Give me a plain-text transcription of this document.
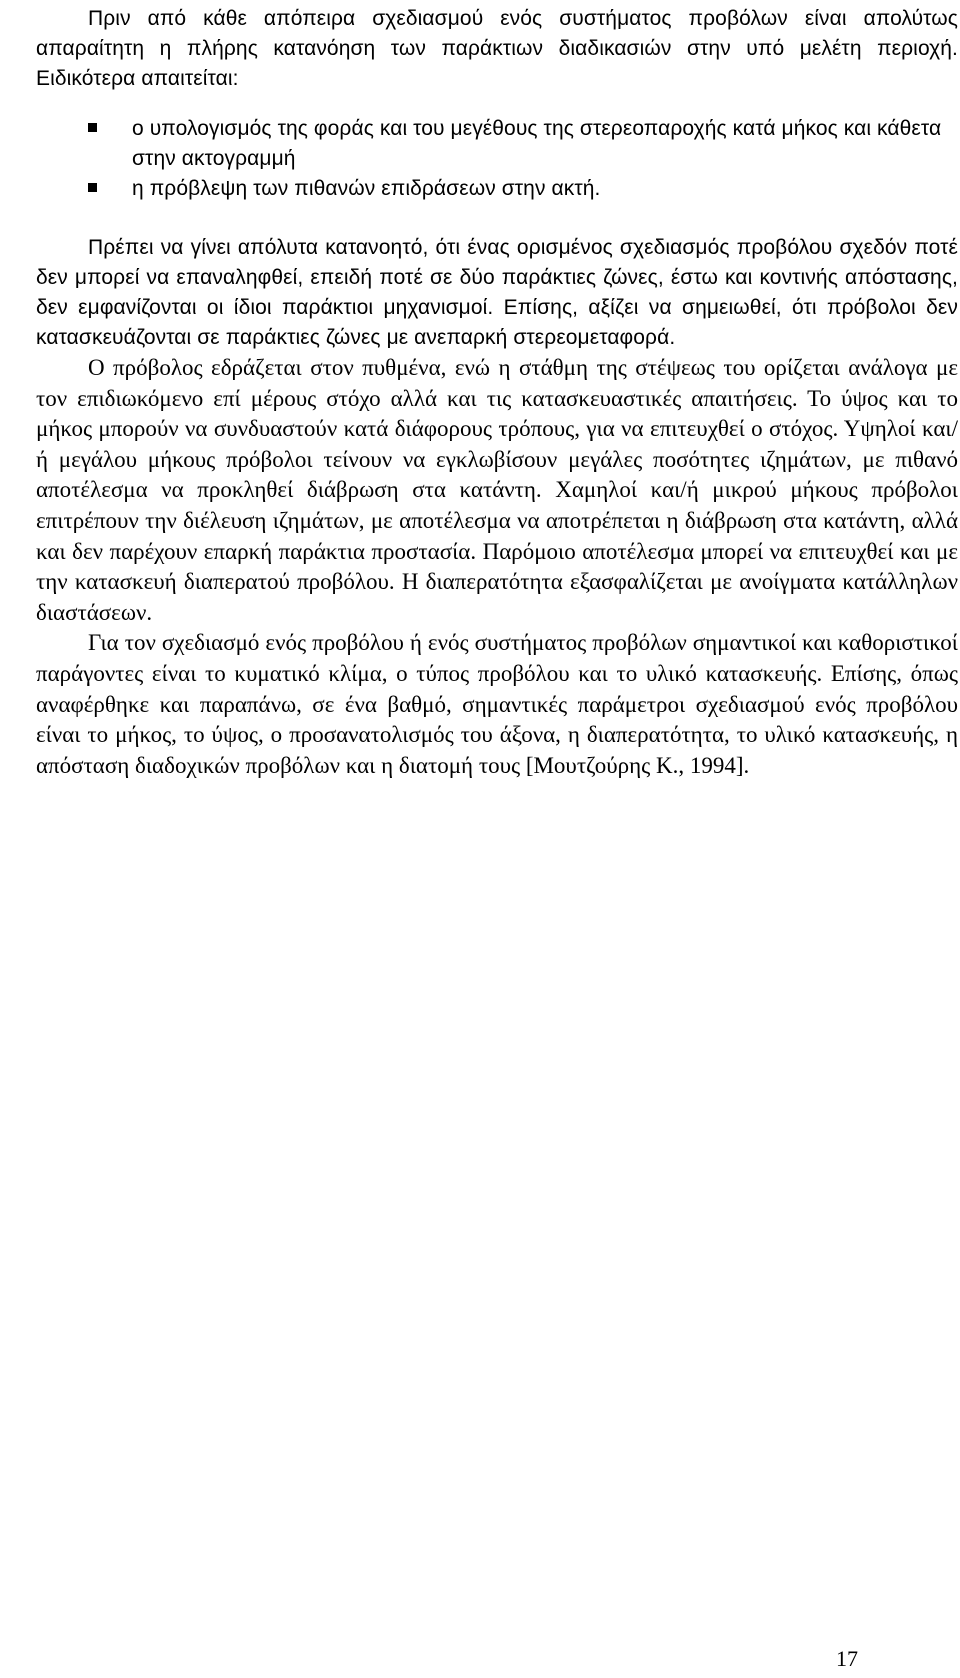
Πριν από κάθε απόπειρα σχεδιασμού ενός συστήματος προβόλων είναι απολύτως απαραίτητη η πλήρης κατανόηση των παράκτιων διαδικασιών στην υπό μελέτη περιοχή. Ειδικότερα απαιτείται:

ο υπολογισμός της φοράς και του μεγέθους της στερεοπαροχής κατά μήκος και κάθετα στην ακτογραμμή
η πρόβλεψη των πιθανών επιδράσεων στην ακτή.

Πρέπει να γίνει απόλυτα κατανοητό, ότι ένας ορισμένος σχεδιασμός προβόλου σχεδόν ποτέ δεν μπορεί να επαναληφθεί, επειδή ποτέ σε δύο παράκτιες ζώνες, έστω και κοντινής απόστασης, δεν εμφανίζονται οι ίδιοι παράκτιοι μηχανισμοί. Επίσης, αξίζει να σημειωθεί, ότι πρόβολοι δεν κατασκευάζονται σε παράκτιες ζώνες με ανεπαρκή στερεομεταφορά.

Ο πρόβολος εδράζεται στον πυθμένα, ενώ η στάθμη της στέψεως του ορίζεται ανάλογα με τον επιδιωκόμενο επί μέρους στόχο αλλά και τις κατασκευαστικές απαιτήσεις. Το ύψος και το μήκος μπορούν να συνδυαστούν κατά διάφορους τρόπους, για να επιτευχθεί ο στόχος. Υψηλοί και/ή μεγάλου μήκους πρόβολοι τείνουν να εγκλωβίσουν μεγάλες ποσότητες ιζημάτων, με πιθανό αποτέλεσμα να προκληθεί διάβρωση στα κατάντη. Χαμηλοί και/ή μικρού μήκους πρόβολοι επιτρέπουν την διέλευση ιζημάτων, με αποτέλεσμα να αποτρέπεται η διάβρωση στα κατάντη, αλλά και δεν παρέχουν επαρκή παράκτια προστασία. Παρόμοιο αποτέλεσμα μπορεί να επιτευχθεί και με την κατασκευή διαπερατού προβόλου. Η διαπερατότητα εξασφαλίζεται με ανοίγματα κατάλληλων διαστάσεων.

Για τον σχεδιασμό ενός προβόλου ή ενός συστήματος προβόλων σημαντικοί και καθοριστικοί παράγοντες είναι το κυματικό κλίμα, ο τύπος προβόλου και το υλικό κατασκευής. Επίσης, όπως αναφέρθηκε και παραπάνω, σε ένα βαθμό, σημαντικές παράμετροι σχεδιασμού ενός προβόλου είναι το μήκος, το ύψος, ο προσανατολισμός του άξονα, η διαπερατότητα, το υλικό κατασκευής, η απόσταση διαδοχικών προβόλων και η διατομή τους [Μουτζούρης Κ., 1994].

17
